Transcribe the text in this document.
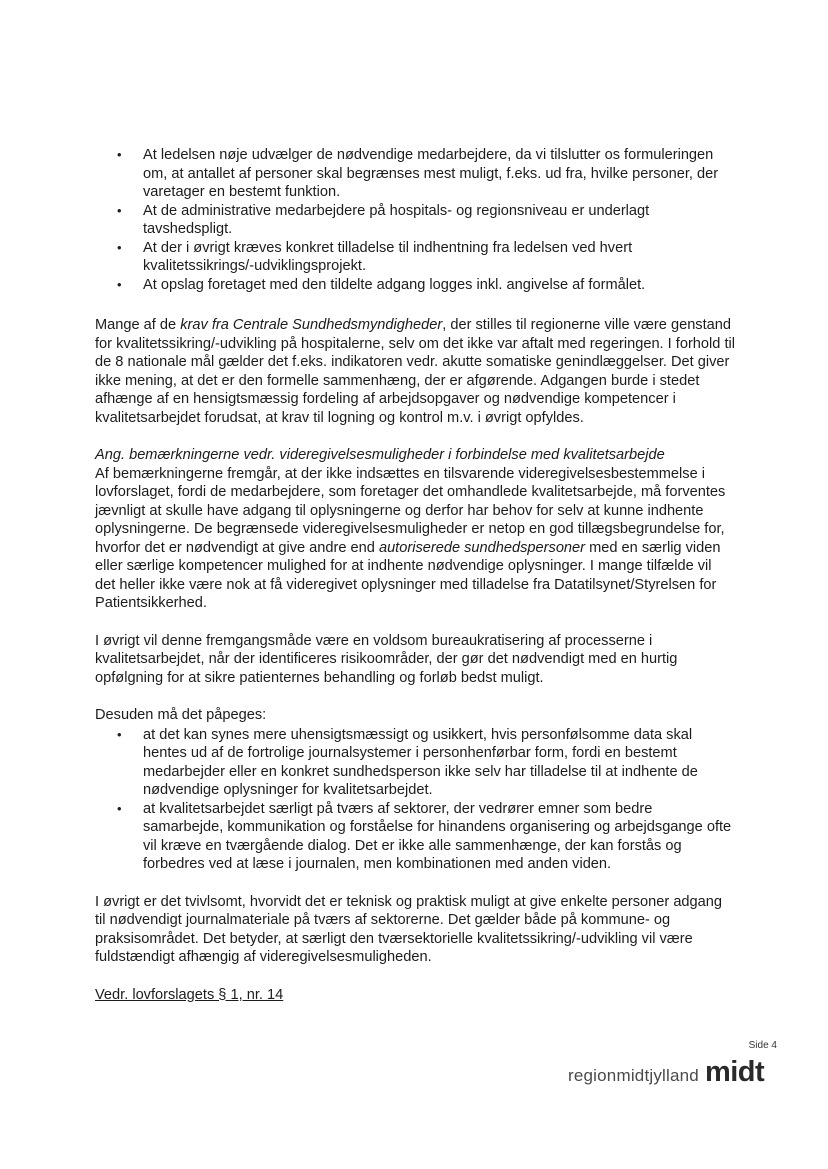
• At ledelsen nøje udvælger de nødvendige medarbejdere, da vi tilslutter os formuleringen om, at antallet af personer skal begrænses mest muligt, f.eks. ud fra, hvilke personer, der varetager en bestemt funktion.
• At de administrative medarbejdere på hospitals- og regionsniveau er underlagt tavshedspligt.
• At der i øvrigt kræves konkret tilladelse til indhentning fra ledelsen ved hvert kvalitetssikrings/-udviklingsprojekt.
• At opslag foretaget med den tildelte adgang logges inkl. angivelse af formålet.

Mange af de krav fra Centrale Sundhedsmyndigheder, der stilles til regionerne ville være genstand for kvalitetssikring/-udvikling på hospitalerne, selv om det ikke var aftalt med regeringen. I forhold til de 8 nationale mål gælder det f.eks. indikatoren vedr. akutte somatiske genindlæggelser. Det giver ikke mening, at det er den formelle sammenhæng, der er afgørende. Adgangen burde i stedet afhænge af en hensigtsmæssig fordeling af arbejdsopgaver og nødvendige kompetencer i kvalitetsarbejdet forudsat, at krav til logning og kontrol m.v. i øvrigt opfyldes.

Ang. bemærkningerne vedr. videregivelsesmuligheder i forbindelse med kvalitetsarbejde

Af bemærkningerne fremgår, at der ikke indsættes en tilsvarende videregivelsesbestemmelse i lovforslaget, fordi de medarbejdere, som foretager det omhandlede kvalitetsarbejde, må forventes jævnligt at skulle have adgang til oplysningerne og derfor har behov for selv at kunne indhente oplysningerne. De begrænsede videregivelsesmuligheder er netop en god tillægsbegrundelse for, hvorfor det er nødvendigt at give andre end autoriserede sundhedspersoner med en særlig viden eller særlige kompetencer mulighed for at indhente nødvendige oplysninger. I mange tilfælde vil det heller ikke være nok at få videregivet oplysninger med tilladelse fra Datatilsynet/Styrelsen for Patientsikkerhed.

I øvrigt vil denne fremgangsmåde være en voldsom bureaukratisering af processerne i kvalitetsarbejdet, når der identificeres risikoområder, der gør det nødvendigt med en hurtig opfølgning for at sikre patienternes behandling og forløb bedst muligt.

Desuden må det påpeges:

• at det kan synes mere uhensigtsmæssigt og usikkert, hvis personfølsomme data skal hentes ud af de fortrolige journalsystemer i personhenførbar form, fordi en bestemt medarbejder eller en konkret sundhedsperson ikke selv har tilladelse til at indhente de nødvendige oplysninger for kvalitetsarbejdet.
• at kvalitetsarbejdet særligt på tværs af sektorer, der vedrører emner som bedre samarbejde, kommunikation og forståelse for hinandens organisering og arbejdsgange ofte vil kræve en tværgående dialog. Det er ikke alle sammenhænge, der kan forstås og forbedres ved at læse i journalen, men kombinationen med anden viden.

I øvrigt er det tvivlsomt, hvorvidt det er teknisk og praktisk muligt at give enkelte personer adgang til nødvendigt journalmateriale på tværs af sektorerne. Det gælder både på kommune- og praksisområdet. Det betyder, at særligt den tværsektorielle kvalitetssikring/-udvikling vil være fuldstændigt afhængig af videregivelsesmuligheden.

Vedr. lovforslagets § 1, nr. 14

Side 4
regionmidtjylland midt
